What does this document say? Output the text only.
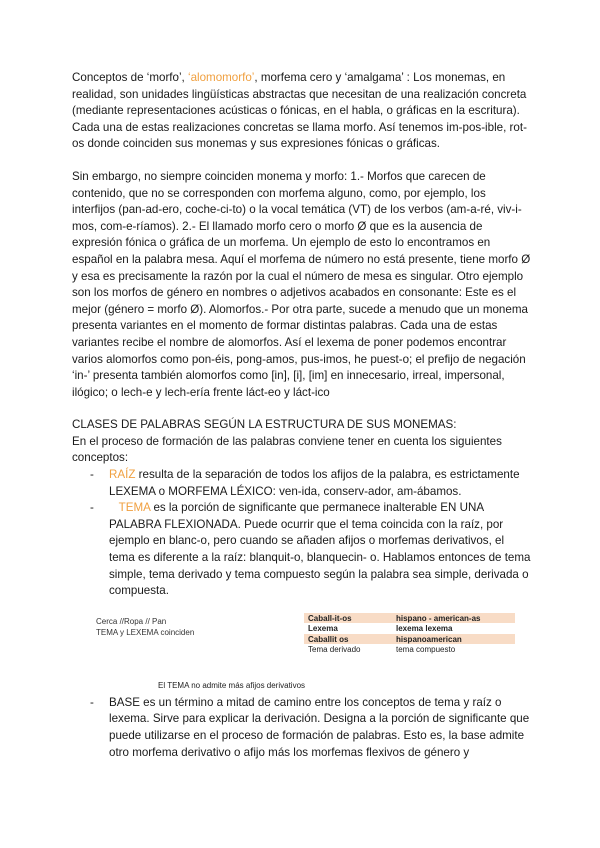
Conceptos de ‘morfo’, ‘alomomorfo’, morfema cero y ‘amalgama’ : Los monemas, en realidad, son unidades lingüísticas abstractas que necesitan de una realización concreta (mediante representaciones acústicas o fónicas, en el habla, o gráficas en la escritura). Cada una de estas realizaciones concretas se llama morfo. Así tenemos im-pos-ible, rot-os donde coinciden sus monemas y sus expresiones fónicas o gráficas.

Sin embargo, no siempre coinciden monema y morfo: 1.- Morfos que carecen de contenido, que no se corresponden con morfema alguno, como, por ejemplo, los interfijos (pan-ad-ero, coche-ci-to) o la vocal temática (VT) de los verbos (am-a-ré, viv-i-mos, com-e-ríamos). 2.- El llamado morfo cero o morfo Ø que es la ausencia de expresión fónica o gráfica de un morfema. Un ejemplo de esto lo encontramos en español en la palabra mesa. Aquí el morfema de número no está presente, tiene morfo Ø y esa es precisamente la razón por la cual el número de mesa es singular. Otro ejemplo son los morfos de género en nombres o adjetivos acabados en consonante: Este es el mejor (género = morfo Ø). Alomorfos.- Por otra parte, sucede a menudo que un monema presenta variantes en el momento de formar distintas palabras. Cada una de estas variantes recibe el nombre de alomorfos. Así el lexema de poner podemos encontrar varios alomorfos como pon-éis, pong-amos, pus-imos, he puest-o; el prefijo de negación ‘in-’ presenta también alomorfos como [in], [i], [im] en innecesario, irreal, impersonal, ilógico; o lech-e y lech-ería frente láct-eo y láct-ico

CLASES DE PALABRAS SEGÚN LA ESTRUCTURA DE SUS MONEMAS:

En el proceso de formación de las palabras conviene tener en cuenta los siguientes conceptos:

- RAÍZ resulta de la separación de todos los afijos de la palabra, es estrictamente LEXEMA o MORFEMA LÉXICO: ven-ida, conserv-ador, am-ábamos.
- TEMA es la porción de significante que permanece inalterable EN UNA PALABRA FLEXIONADA. Puede ocurrir que el tema coincida con la raíz, por ejemplo en blanc-o, pero cuando se añaden afijos o morfemas derivativos, el tema es diferente a la raíz: blanquit-o, blanquecin- o. Hablamos entonces de tema simple, tema derivado y tema compuesto según la palabra sea simple, derivada o compuesta.
Cerca //Ropa // Pan
TEMA y LEXEMA coinciden
Caball-it-os	hispano - american-as
Lexema	lexema lexema
Caballit os	hispanoamerican
Tema derivado	tema compuesto
El TEMA no admite más afijos derivativos
- BASE es un término a mitad de camino entre los conceptos de tema y raíz o lexema. Sirve para explicar la derivación. Designa a la porción de significante que puede utilizarse en el proceso de formación de palabras. Esto es, la base admite otro morfema derivativo o afijo más los morfemas flexivos de género y
